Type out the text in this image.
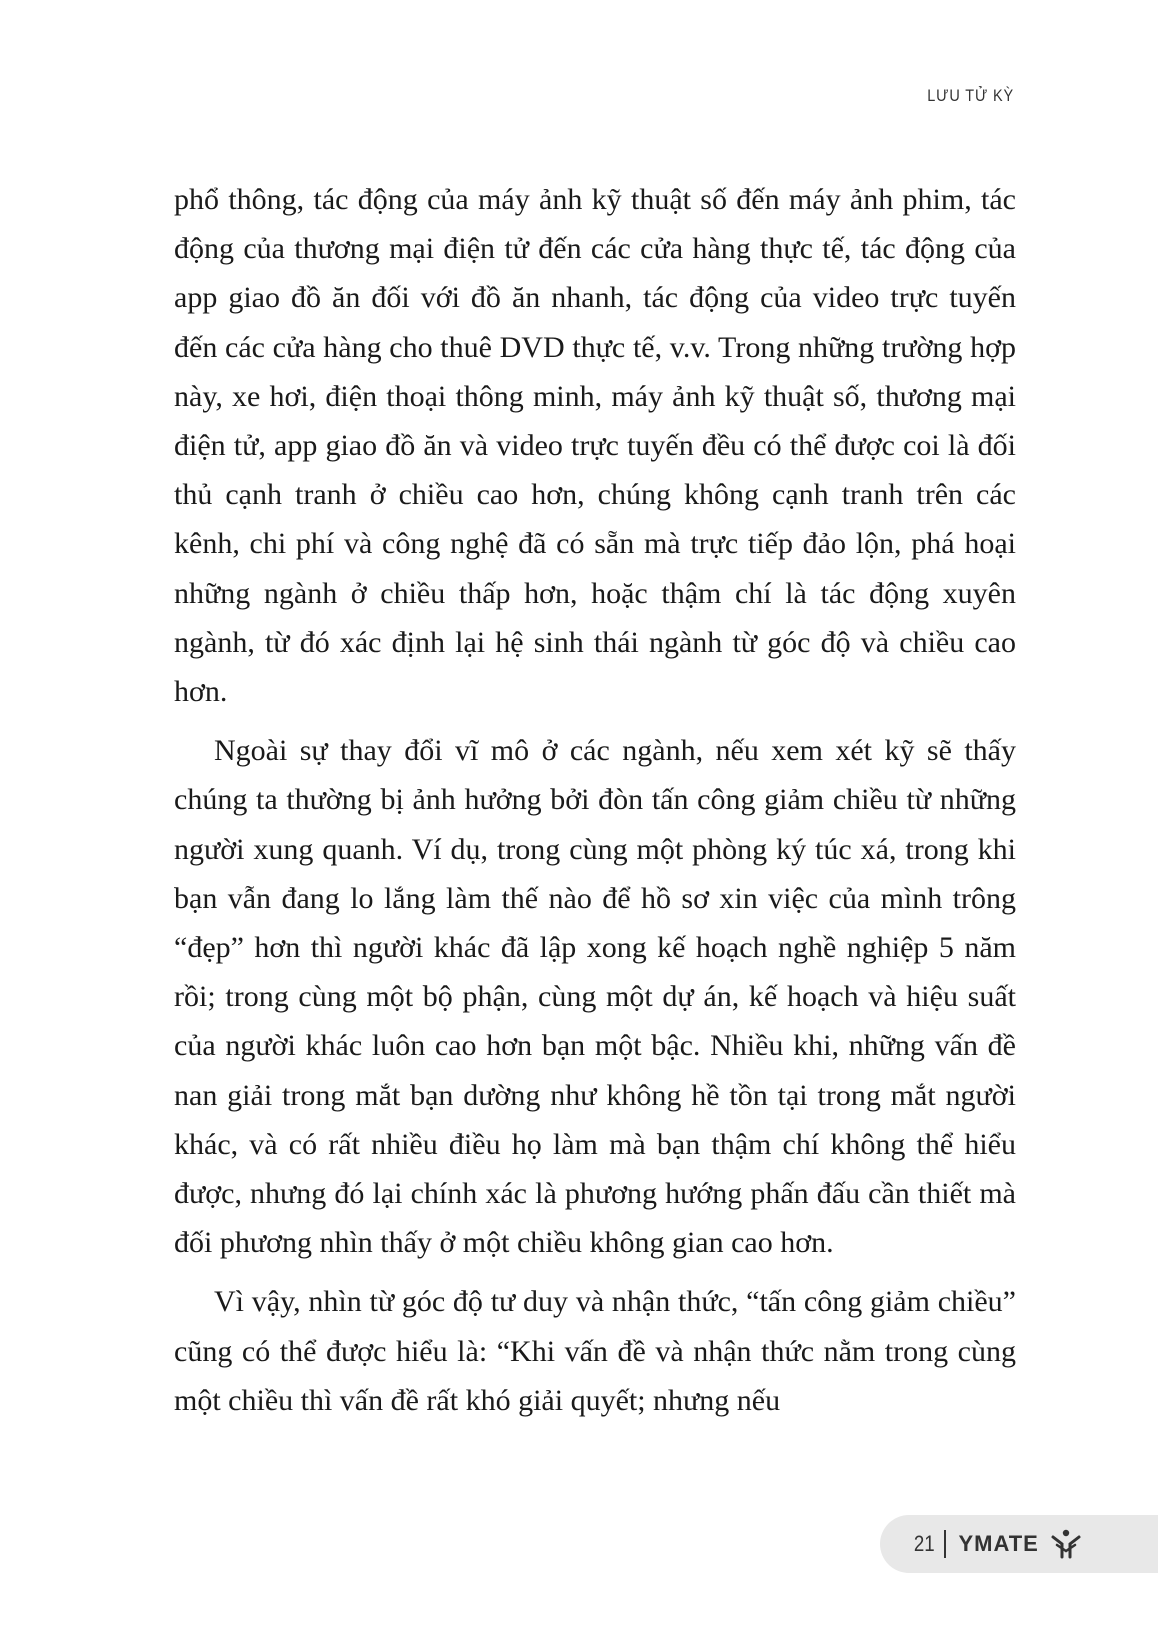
LƯU TỬ KỲ

phổ thông, tác động của máy ảnh kỹ thuật số đến máy ảnh phim, tác động của thương mại điện tử đến các cửa hàng thực tế, tác động của app giao đồ ăn đối với đồ ăn nhanh, tác động của video trực tuyến đến các cửa hàng cho thuê DVD thực tế, v.v. Trong những trường hợp này, xe hơi, điện thoại thông minh, máy ảnh kỹ thuật số, thương mại điện tử, app giao đồ ăn và video trực tuyến đều có thể được coi là đối thủ cạnh tranh ở chiều cao hơn, chúng không cạnh tranh trên các kênh, chi phí và công nghệ đã có sẵn mà trực tiếp đảo lộn, phá hoại những ngành ở chiều thấp hơn, hoặc thậm chí là tác động xuyên ngành, từ đó xác định lại hệ sinh thái ngành từ góc độ và chiều cao hơn.

Ngoài sự thay đổi vĩ mô ở các ngành, nếu xem xét kỹ sẽ thấy chúng ta thường bị ảnh hưởng bởi đòn tấn công giảm chiều từ những người xung quanh. Ví dụ, trong cùng một phòng ký túc xá, trong khi bạn vẫn đang lo lắng làm thế nào để hồ sơ xin việc của mình trông “đẹp” hơn thì người khác đã lập xong kế hoạch nghề nghiệp 5 năm rồi; trong cùng một bộ phận, cùng một dự án, kế hoạch và hiệu suất của người khác luôn cao hơn bạn một bậc. Nhiều khi, những vấn đề nan giải trong mắt bạn dường như không hề tồn tại trong mắt người khác, và có rất nhiều điều họ làm mà bạn thậm chí không thể hiểu được, nhưng đó lại chính xác là phương hướng phấn đấu cần thiết mà đối phương nhìn thấy ở một chiều không gian cao hơn.

Vì vậy, nhìn từ góc độ tư duy và nhận thức, “tấn công giảm chiều” cũng có thể được hiểu là: “Khi vấn đề và nhận thức nằm trong cùng một chiều thì vấn đề rất khó giải quyết; nhưng nếu

21 YMATE
